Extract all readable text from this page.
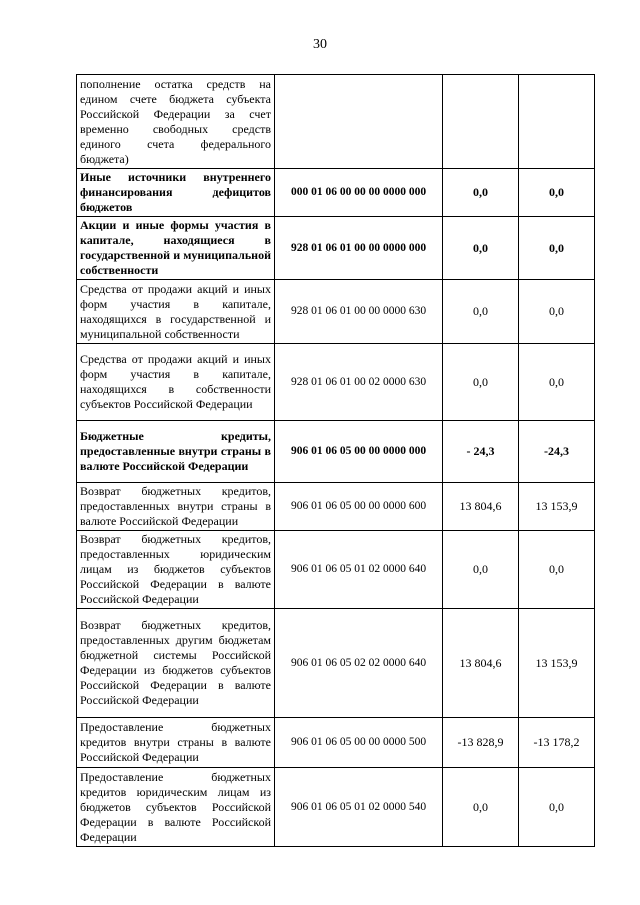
30
пополнение остатка средств на едином счете бюджета субъекта Российской Федерации за счет временно свободных средств единого счета федерального бюджета)			
Иные источники внутреннего финансирования дефицитов бюджетов	000 01 06 00 00 00 0000 000	0,0	0,0
Акции и иные формы участия в капитале, находящиеся в государственной и муниципальной собственности	928 01 06 01 00 00 0000 000	0,0	0,0
Средства от продажи акций и иных форм участия в капитале, находящихся в государственной и муниципальной собственности	928 01 06 01 00 00 0000 630	0,0	0,0
Средства от продажи акций и иных форм участия в капитале, находящихся в собственности субъектов Российской Федерации	928 01 06 01 00 02 0000 630	0,0	0,0
Бюджетные кредиты, предоставленные внутри страны в валюте Российской Федерации	906 01 06 05 00 00 0000 000	- 24,3	-24,3
Возврат бюджетных кредитов, предоставленных внутри страны в валюте Российской Федерации	906 01 06 05 00 00 0000 600	13 804,6	13 153,9
Возврат бюджетных кредитов, предоставленных юридическим лицам из бюджетов субъектов Российской Федерации в валюте Российской Федерации	906 01 06 05 01 02 0000 640	0,0	0,0
Возврат бюджетных кредитов, предоставленных другим бюджетам бюджетной системы Российской Федерации из бюджетов субъектов Российской Федерации в валюте Российской Федерации	906 01 06 05 02 02 0000 640	13 804,6	13 153,9
Предоставление бюджетных кредитов внутри страны в валюте Российской Федерации	906 01 06 05 00 00 0000 500	-13 828,9	-13 178,2
Предоставление бюджетных кредитов юридическим лицам из бюджетов субъектов Российской Федерации в валюте Российской Федерации	906 01 06 05 01 02 0000 540	0,0	0,0
